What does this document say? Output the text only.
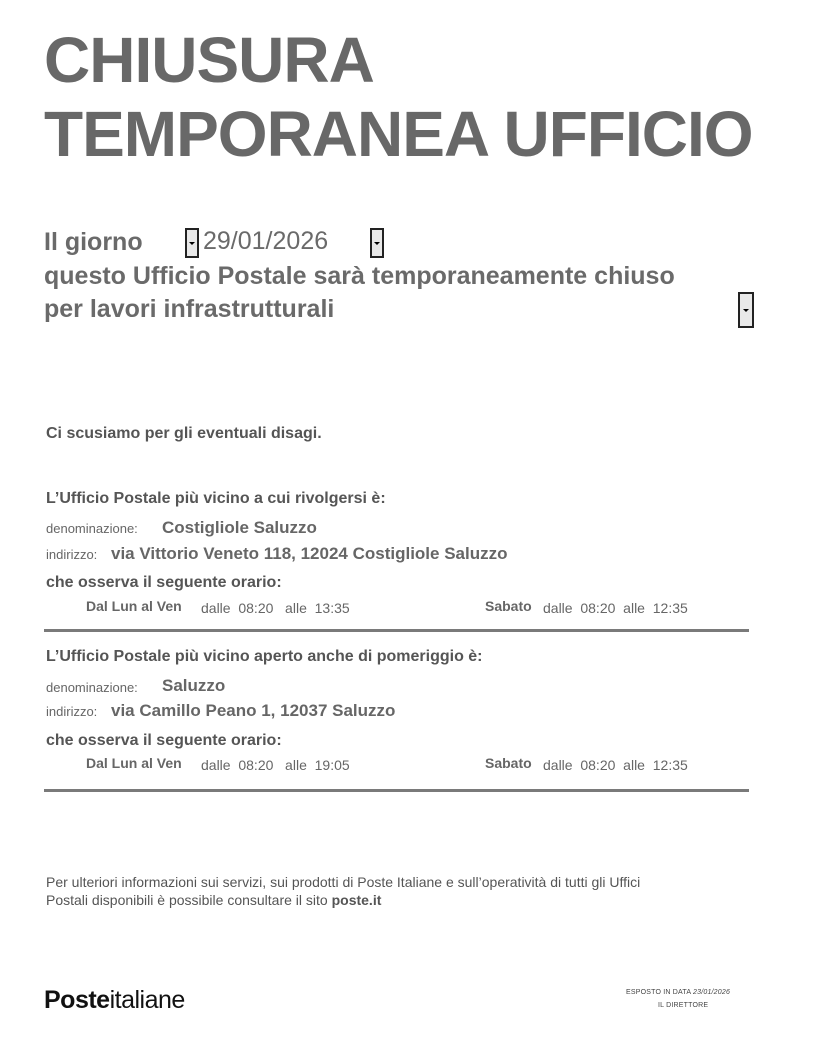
CHIUSURA
TEMPORANEA UFFICIO
Il giorno 29/01/2026
questo Ufficio Postale sarà temporaneamente chiuso
per lavori infrastrutturali
Ci scusiamo per gli eventuali disagi.
L’Ufficio Postale più vicino a cui rivolgersi è:
denominazione: Costigliole Saluzzo
indirizzo: via Vittorio Veneto 118, 12024 Costigliole Saluzzo
che osserva il seguente orario:
Dal Lun al Ven dalle  08:20   alle  13:35	Sabato dalle  08:20  alle  12:35
L’Ufficio Postale più vicino aperto anche di pomeriggio è:
denominazione: Saluzzo
indirizzo: via Camillo Peano 1, 12037 Saluzzo
che osserva il seguente orario:
Dal Lun al Ven dalle  08:20   alle  19:05	Sabato dalle  08:20  alle  12:35
Per ulteriori informazioni sui servizi, sui prodotti di Poste Italiane e sull’operatività di tutti gli Uffici
Postali disponibili è possibile consultare il sito poste.it
Posteitaliane	ESPOSTO IN DATA 23/01/2026
IL DIRETTORE
